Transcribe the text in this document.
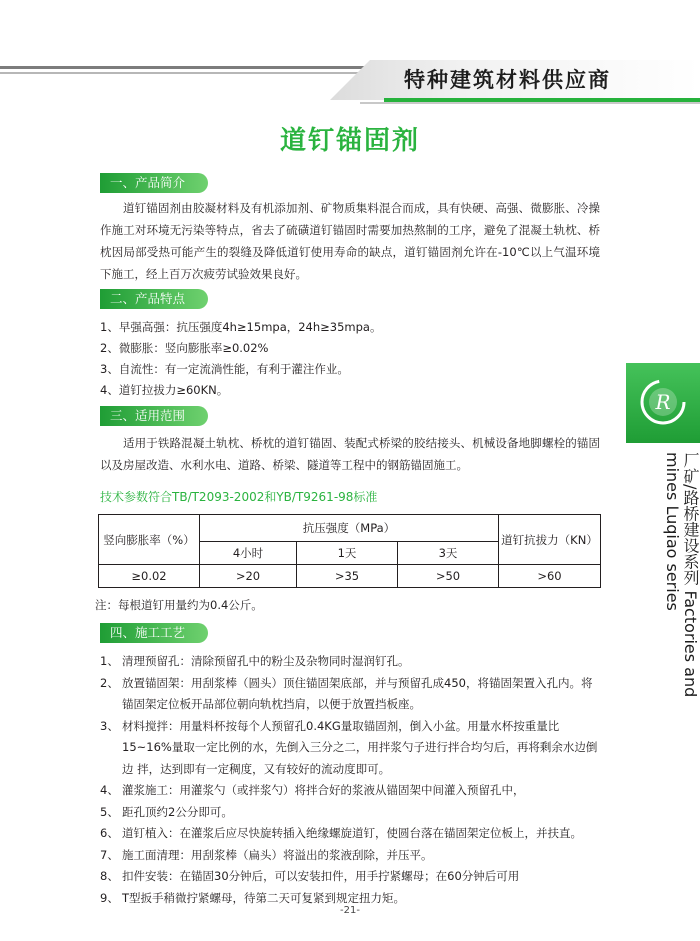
特种建筑材料供应商
道钉锚固剂
一、产品简介
道钉锚固剂由胶凝材料及有机添加剂、矿物质集料混合而成，具有快硬、高强、微膨胀、冷操作施工对环境无污染等特点，省去了硫磺道钉锚固时需要加热熬制的工序，避免了混凝土轨枕、桥枕因局部受热可能产生的裂缝及降低道钉使用寿命的缺点，道钉锚固剂允许在-10℃以上气温环境下施工，经上百万次疲劳试验效果良好。
二、产品特点
1、早强高强：抗压强度4h≥15mpa，24h≥35mpa。
2、微膨胀：竖向膨胀率≥0.02%
3、自流性：有一定流淌性能，有利于灌注作业。
4、道钉拉拔力≥60KN。
三、适用范围
适用于铁路混凝土轨枕、桥枕的道钉锚固、装配式桥梁的胶结接头、机械设备地脚螺栓的锚固以及房屋改造、水利水电、道路、桥梁、隧道等工程中的钢筋锚固施工。
技术参数符合TB/T2093-2002和YB/T9261-98标准
竖向膨胀率（%）	抗压强度（MPa）			道钉抗拔力（KN）
	4小时	1天	3天	
≥0.02	>20	>35	>50	>60
注：每根道钉用量约为0.4公斤。
四、施工工艺
1、 清理预留孔：清除预留孔中的粉尘及杂物同时湿润钉孔。
2、 放置锚固架：用刮浆棒（圆头）顶住锚固架底部，并与预留孔成450，将锚固架置入孔内。将锚固架定位板开品部位朝向轨枕挡肩，以便于放置挡板座。
3、 材料搅拌：用量料杯按每个人预留孔0.4KG量取锚固剂，倒入小盆。用量水杯按重量比15~16%量取一定比例的水，先倒入三分之二，用拌浆勺子进行拌合均匀后，再将剩余水边倒边 拌，达到即有一定稠度，又有较好的流动度即可。
4、 灌浆施工：用灌浆勺（或拌浆勺）将拌合好的浆液从锚固架中间灌入预留孔中，
5、 距孔顶约2公分即可。
6、 道钉植入：在灌浆后应尽快旋转插入绝缘螺旋道钉，使圆台落在锚固架定位板上，并扶直。
7、 施工面清理：用刮浆棒（扁头）将溢出的浆液刮除，并压平。
8、 扣件安装：在锚固30分钟后，可以安装扣件，用手拧紧螺母；在60分钟后可用
9、 T型扳手稍微拧紧螺母，待第二天可复紧到规定扭力矩。
R
厂矿/路桥建设系列 Factories and mines Luqiao series
-21-
